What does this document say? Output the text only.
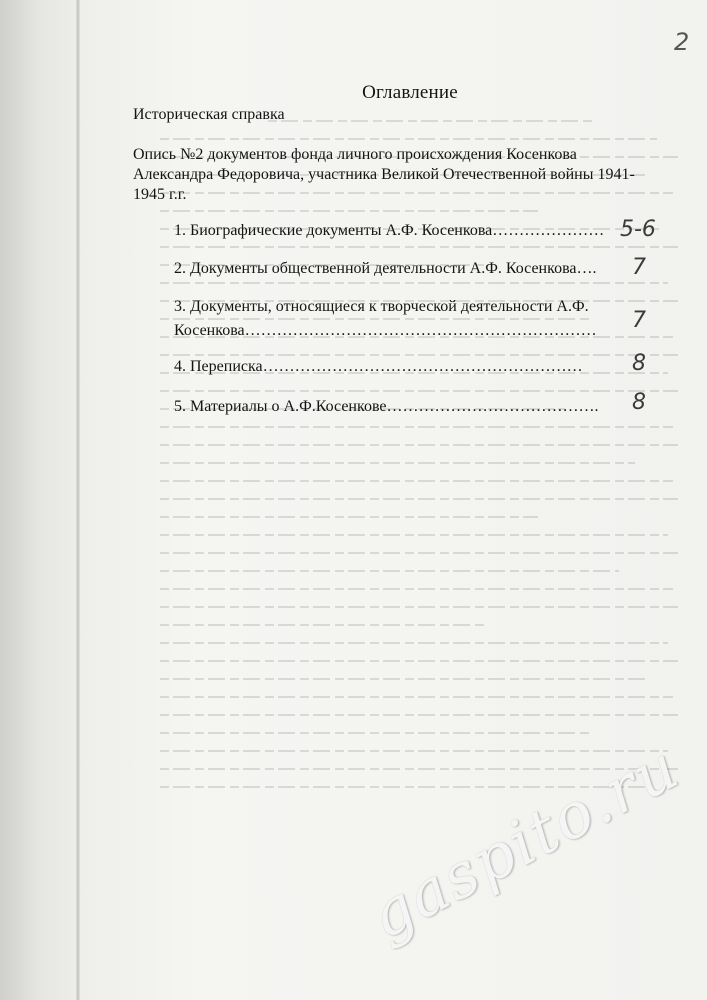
2
Оглавление
Историческая справка
Опись №2 документов фонда личного происхождения Косенкова
Александра Федоровича, участника Великой Отечественной войны 1941-
1945 г.г.
1. Биографические документы А.Ф. Косенкова………………… 5-6
2. Документы общественной деятельности А.Ф. Косенкова….	7
3. Документы, относящиеся к творческой деятельности А.Ф.
Косенкова…………………………………………………………	7
4. Переписка……………………………………………………	8
5. Материалы о А.Ф.Косенкове………………………………….	8
gaspito.ru
